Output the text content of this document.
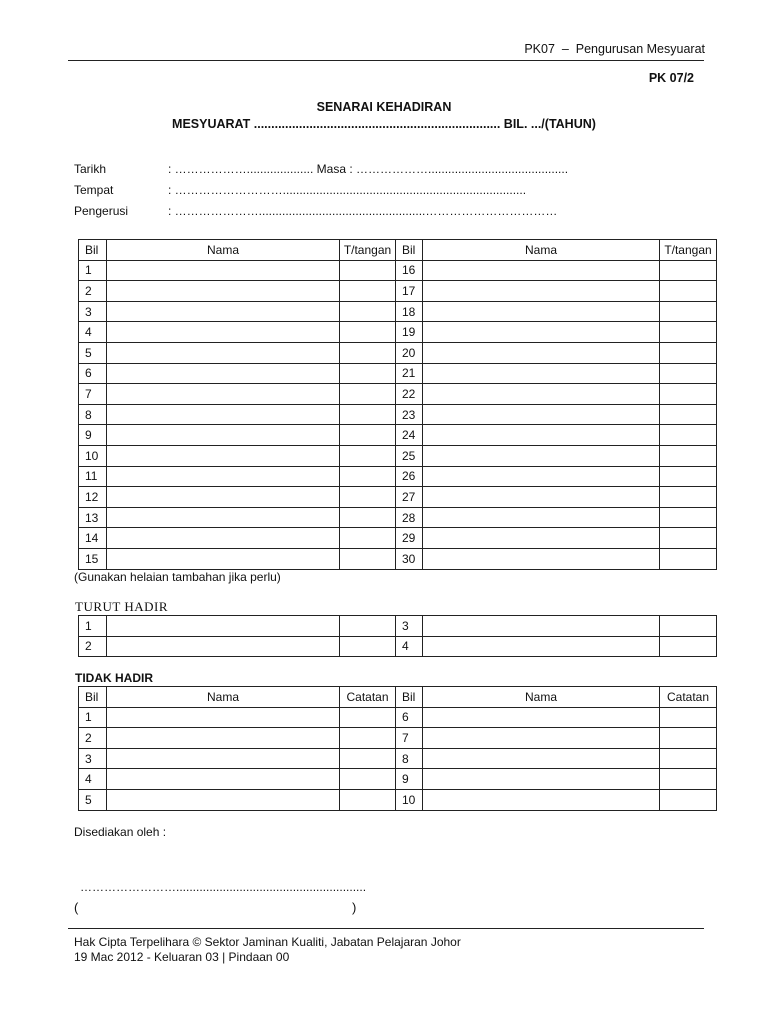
PK07  –  Pengurusan Mesyuarat
PK 07/2
SENARAI KEHADIRAN
MESYUARAT ....................................................................... BIL. .../(TAHUN)
Tarikh	: ……………….................... Masa : ………………..........................................
Tempat	: ……………………….........................................................................
Pengerusi	: …………………..................................................……………………………
Bil	Nama	T/tangan	Bil	Nama	T/tangan
1			16		
2			17		
3			18		
4			19		
5			20		
6			21		
7			22		
8			23		
9			24		
10			25		
11			26		
12			27		
13			28		
14			29		
15			30		
(Gunakan helaian tambahan jika perlu)
TURUT HADIR
1			3		
2			4		
TIDAK HADIR
Bil	Nama	Catatan	Bil	Nama	Catatan
1			6		
2			7		
3			8		
4			9		
5			10		
Disediakan oleh :
…………………….........................................................
(	)
Hak Cipta Terpelihara © Sektor Jaminan Kualiti, Jabatan Pelajaran Johor
19 Mac 2012 - Keluaran 03 | Pindaan 00
